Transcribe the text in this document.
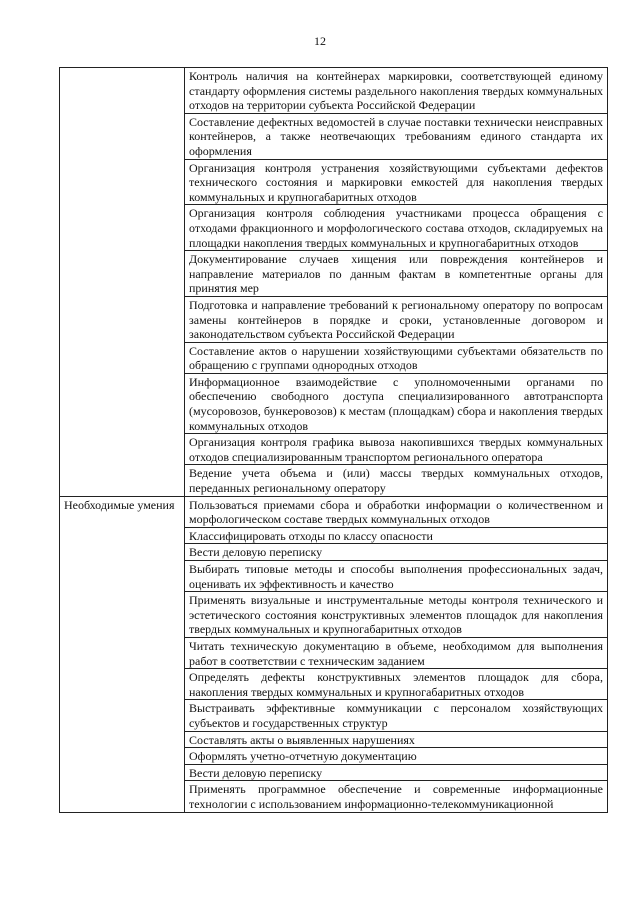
12
	Контроль наличия на контейнерах маркировки, соответствующей единому стандарту оформления системы раздельного накопления твердых коммунальных отходов на территории субъекта Российской Федерации
	Составление дефектных ведомостей в случае поставки технически неисправных контейнеров, а также неотвечающих требованиям единого стандарта их оформления
	Организация контроля устранения хозяйствующими субъектами дефектов технического состояния и маркировки емкостей для накопления твердых коммунальных и крупногабаритных отходов
	Организация контроля соблюдения участниками процесса обращения с отходами фракционного и морфологического состава отходов, складируемых на площадки накопления твердых коммунальных и крупногабаритных отходов
	Документирование случаев хищения или повреждения контейнеров и направление материалов по данным фактам в компетентные органы для принятия мер
	Подготовка и направление требований к региональному оператору по вопросам замены контейнеров в порядке и сроки, установленные договором и законодательством субъекта Российской Федерации
	Составление актов о нарушении хозяйствующими субъектами обязательств по обращению с группами однородных отходов
	Информационное взаимодействие с уполномоченными органами по обеспечению свободного доступа специализированного автотранспорта (мусоровозов, бункеровозов) к местам (площадкам) сбора и накопления твердых коммунальных отходов
	Организация контроля графика вывоза накопившихся твердых коммунальных отходов специализированным транспортом регионального оператора
	Ведение учета объема и (или) массы твердых коммунальных отходов, переданных региональному оператору
Необходимые умения	Пользоваться приемами сбора и обработки информации о количественном и морфологическом составе твердых коммунальных отходов
	Классифицировать отходы по классу опасности
	Вести деловую переписку
	Выбирать типовые методы и способы выполнения профессиональных задач, оценивать их эффективность и качество
	Применять визуальные и инструментальные методы контроля технического и эстетического состояния конструктивных элементов площадок для накопления твердых коммунальных и крупногабаритных отходов
	Читать техническую документацию в объеме, необходимом для выполнения работ в соответствии с техническим заданием
	Определять дефекты конструктивных элементов площадок для сбора, накопления твердых коммунальных и крупногабаритных отходов
	Выстраивать эффективные коммуникации с персоналом хозяйствующих субъектов и государственных структур
	Составлять акты о выявленных нарушениях
	Оформлять учетно-отчетную документацию
	Вести деловую переписку
	Применять программное обеспечение и современные информационные технологии с использованием информационно-телекоммуникационной
